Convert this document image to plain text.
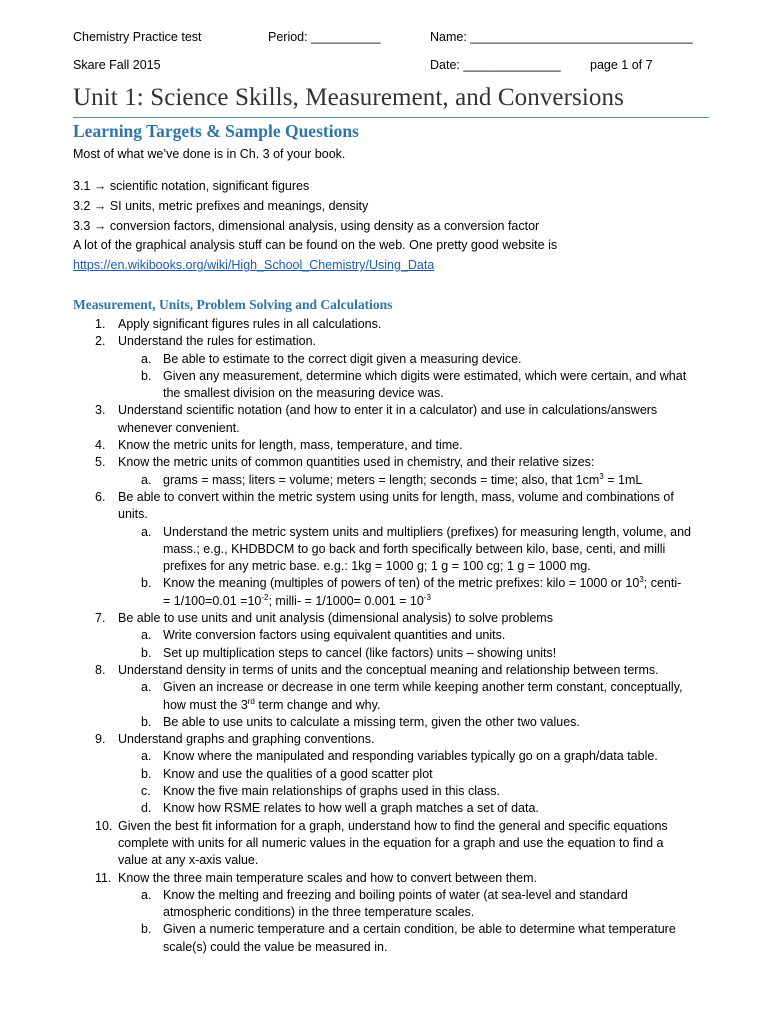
Chemistry Practice test	Period: __________	Name: ________________________________
Skare Fall 2015	Date: ______________ page 1 of 7
Unit 1: Science Skills, Measurement, and Conversions
Learning Targets & Sample Questions
Most of what we’ve done is in Ch. 3 of your book.
3.1 → scientific notation, significant figures
3.2 → SI units, metric prefixes and meanings, density
3.3 → conversion factors, dimensional analysis, using density as a conversion factor
A lot of the graphical analysis stuff can be found on the web. One pretty good website is
https://en.wikibooks.org/wiki/High_School_Chemistry/Using_Data
Measurement, Units, Problem Solving and Calculations
1. Apply significant figures rules in all calculations.
2. Understand the rules for estimation.
a. Be able to estimate to the correct digit given a measuring device.
b. Given any measurement, determine which digits were estimated, which were certain, and what
the smallest division on the measuring device was.
3. Understand scientific notation (and how to enter it in a calculator) and use in calculations/answers
whenever convenient.
4. Know the metric units for length, mass, temperature, and time.
5. Know the metric units of common quantities used in chemistry, and their relative sizes:
a. grams = mass; liters = volume; meters = length; seconds = time; also, that $1cm^3 = 1mL$
6. Be able to convert within the metric system using units for length, mass, volume and combinations of
units.
a. Understand the metric system units and multipliers (prefixes) for measuring length, volume, and
mass.; e.g., KHDBDCM to go back and forth specifically between kilo, base, centi, and milli
prefixes for any metric base. e.g.: 1kg = 1000 g; 1 g = 100 cg; 1 g = 1000 mg.
b. Know the meaning (multiples of powers of ten) of the metric prefixes: kilo = 1000 or $10^3$; centi-
= $1/100=0.01 =10^{-2}$; milli- = $1/1000= 0.001 = 10^{-3}$
7. Be able to use units and unit analysis (dimensional analysis) to solve problems
a. Write conversion factors using equivalent quantities and units.
b. Set up multiplication steps to cancel (like factors) units – showing units!
8. Understand density in terms of units and the conceptual meaning and relationship between terms.
a. Given an increase or decrease in one term while keeping another term constant, conceptually,
how must the 3rd term change and why.
b. Be able to use units to calculate a missing term, given the other two values.
9. Understand graphs and graphing conventions.
a. Know where the manipulated and responding variables typically go on a graph/data table.
b. Know and use the qualities of a good scatter plot
c. Know the five main relationships of graphs used in this class.
d. Know how RSME relates to how well a graph matches a set of data.
10. Given the best fit information for a graph, understand how to find the general and specific equations
complete with units for all numeric values in the equation for a graph and use the equation to find a
value at any x-axis value.
11. Know the three main temperature scales and how to convert between them.
a. Know the melting and freezing and boiling points of water (at sea-level and standard
atmospheric conditions) in the three temperature scales.
b. Given a numeric temperature and a certain condition, be able to determine what temperature
scale(s) could the value be measured in.
